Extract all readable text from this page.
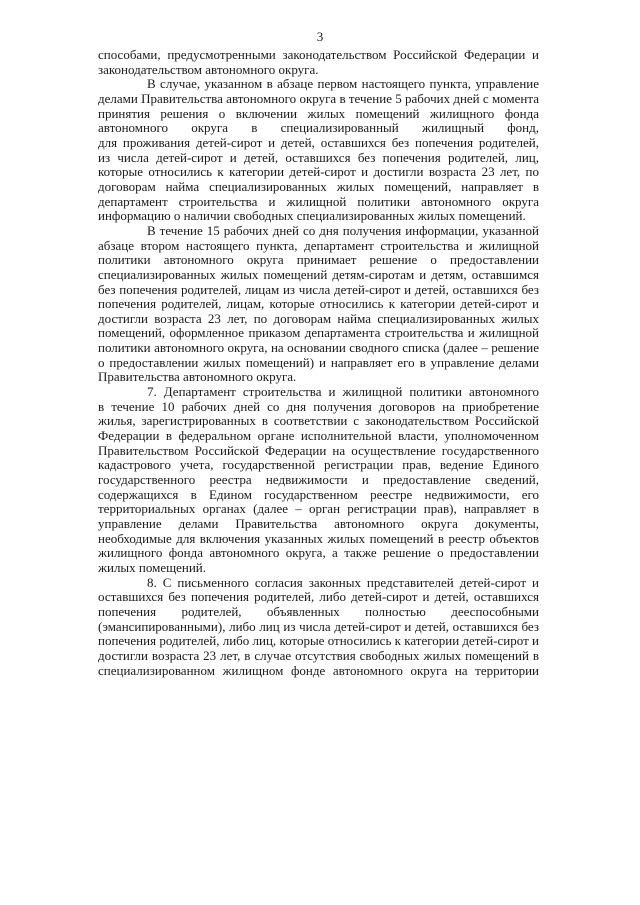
3
способами, предусмотренными законодательством Российской Федерации и
законодательством автономного округа.
В случае, указанном в абзаце первом настоящего пункта, управление
делами Правительства автономного округа в течение 5 рабочих дней с момента
принятия решения о включении жилых помещений жилищного фонда
автономного округа в специализированный жилищный фонд,
для проживания детей-сирот и детей, оставшихся без попечения родителей,
из числа детей-сирот и детей, оставшихся без попечения родителей, лиц,
которые относились к категории детей-сирот и достигли возраста 23 лет, по
договорам найма специализированных жилых помещений, направляет в
департамент строительства и жилищной политики автономного округа
информацию о наличии свободных специализированных жилых помещений.
В течение 15 рабочих дней со дня получения информации, указанной
абзаце втором настоящего пункта, департамент строительства и жилищной
политики автономного округа принимает решение о предоставлении
специализированных жилых помещений детям-сиротам и детям, оставшимся
без попечения родителей, лицам из числа детей-сирот и детей, оставшихся без
попечения родителей, лицам, которые относились к категории детей-сирот и
достигли возраста 23 лет, по договорам найма специализированных жилых
помещений, оформленное приказом департамента строительства и жилищной
политики автономного округа, на основании сводного списка (далее – решение
о предоставлении жилых помещений) и направляет его в управление делами
Правительства автономного округа.
7. Департамент строительства и жилищной политики автономного
в течение 10 рабочих дней со дня получения договоров на приобретение
жилья, зарегистрированных в соответствии с законодательством Российской
Федерации в федеральном органе исполнительной власти, уполномоченном
Правительством Российской Федерации на осуществление государственного
кадастрового учета, государственной регистрации прав, ведение Единого
государственного реестра недвижимости и предоставление сведений,
содержащихся в Едином государственном реестре недвижимости, его
территориальных органах (далее – орган регистрации прав), направляет в
управление делами Правительства автономного округа документы,
необходимые для включения указанных жилых помещений в реестр объектов
жилищного фонда автономного округа, а также решение о предоставлении
жилых помещений.
8. С письменного согласия законных представителей детей-сирот и
оставшихся без попечения родителей, либо детей-сирот и детей, оставшихся
попечения родителей, объявленных полностью дееспособными
(эмансипированными), либо лиц из числа детей-сирот и детей, оставшихся без
попечения родителей, либо лиц, которые относились к категории детей-сирот и
достигли возраста 23 лет, в случае отсутствия свободных жилых помещений в
специализированном жилищном фонде автономного округа на территории
